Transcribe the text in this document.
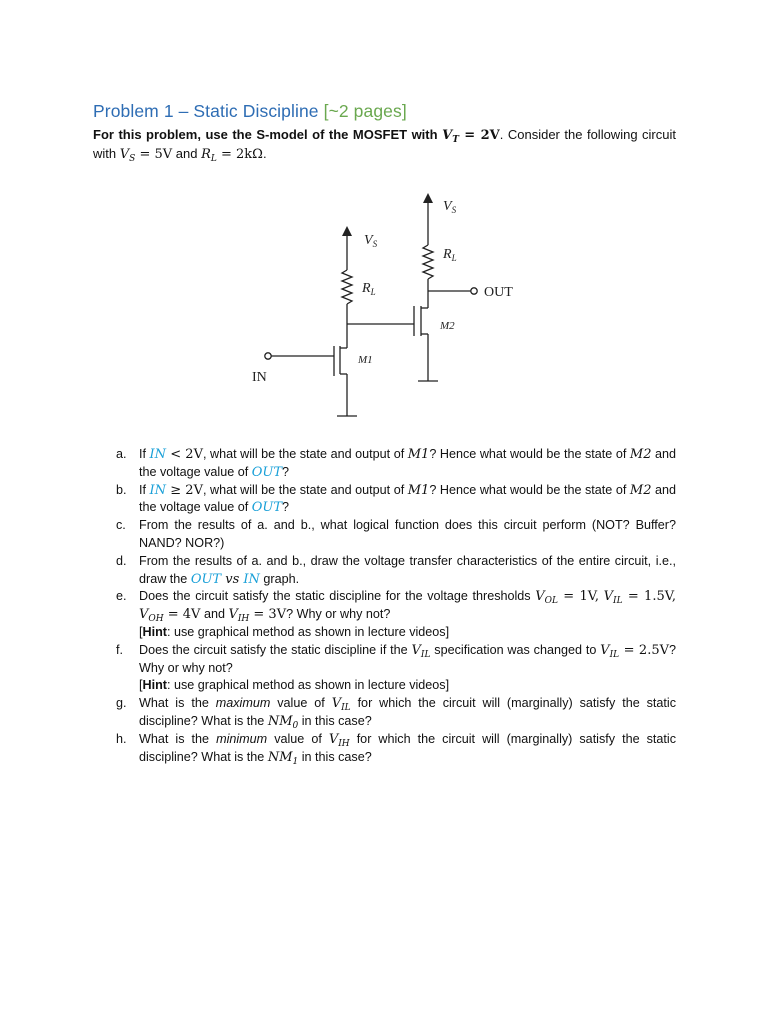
Problem 1 – Static Discipline [~2 pages]
For this problem, use the S-model of the MOSFET with $V_T = 2V$. Consider the following circuit with $V_S = 5V$ and $R_L = 2k\Omega$.
$V_S$
$V_S$
$R_L$
$R_L$
OUT
M2
M1
IN
a. If IN < 2V, what will be the state and output of M1? Hence what would be the state of M2 and the voltage value of OUT?
b. If IN ≥ 2V, what will be the state and output of M1? Hence what would be the state of M2 and the voltage value of OUT?
c. From the results of a. and b., what logical function does this circuit perform (NOT? Buffer? NAND? NOR?)
d. From the results of a. and b., draw the voltage transfer characteristics of the entire circuit, i.e., draw the OUT vs IN graph.
e. Does the circuit satisfy the static discipline for the voltage thresholds $V_{OL} = 1V$, $V_{IL} = 1.5V$, $V_{OH} = 4V$ and $V_{IH} = 3V$? Why or why not?
[Hint: use graphical method as shown in lecture videos]
f. Does the circuit satisfy the static discipline if the $V_{IL}$ specification was changed to $V_{IL} = 2.5V$? Why or why not?
[Hint: use graphical method as shown in lecture videos]
g. What is the maximum value of $V_{IL}$ for which the circuit will (marginally) satisfy the static discipline? What is the $NM_0$ in this case?
h. What is the minimum value of $V_{IH}$ for which the circuit will (marginally) satisfy the static discipline? What is the $NM_1$ in this case?
